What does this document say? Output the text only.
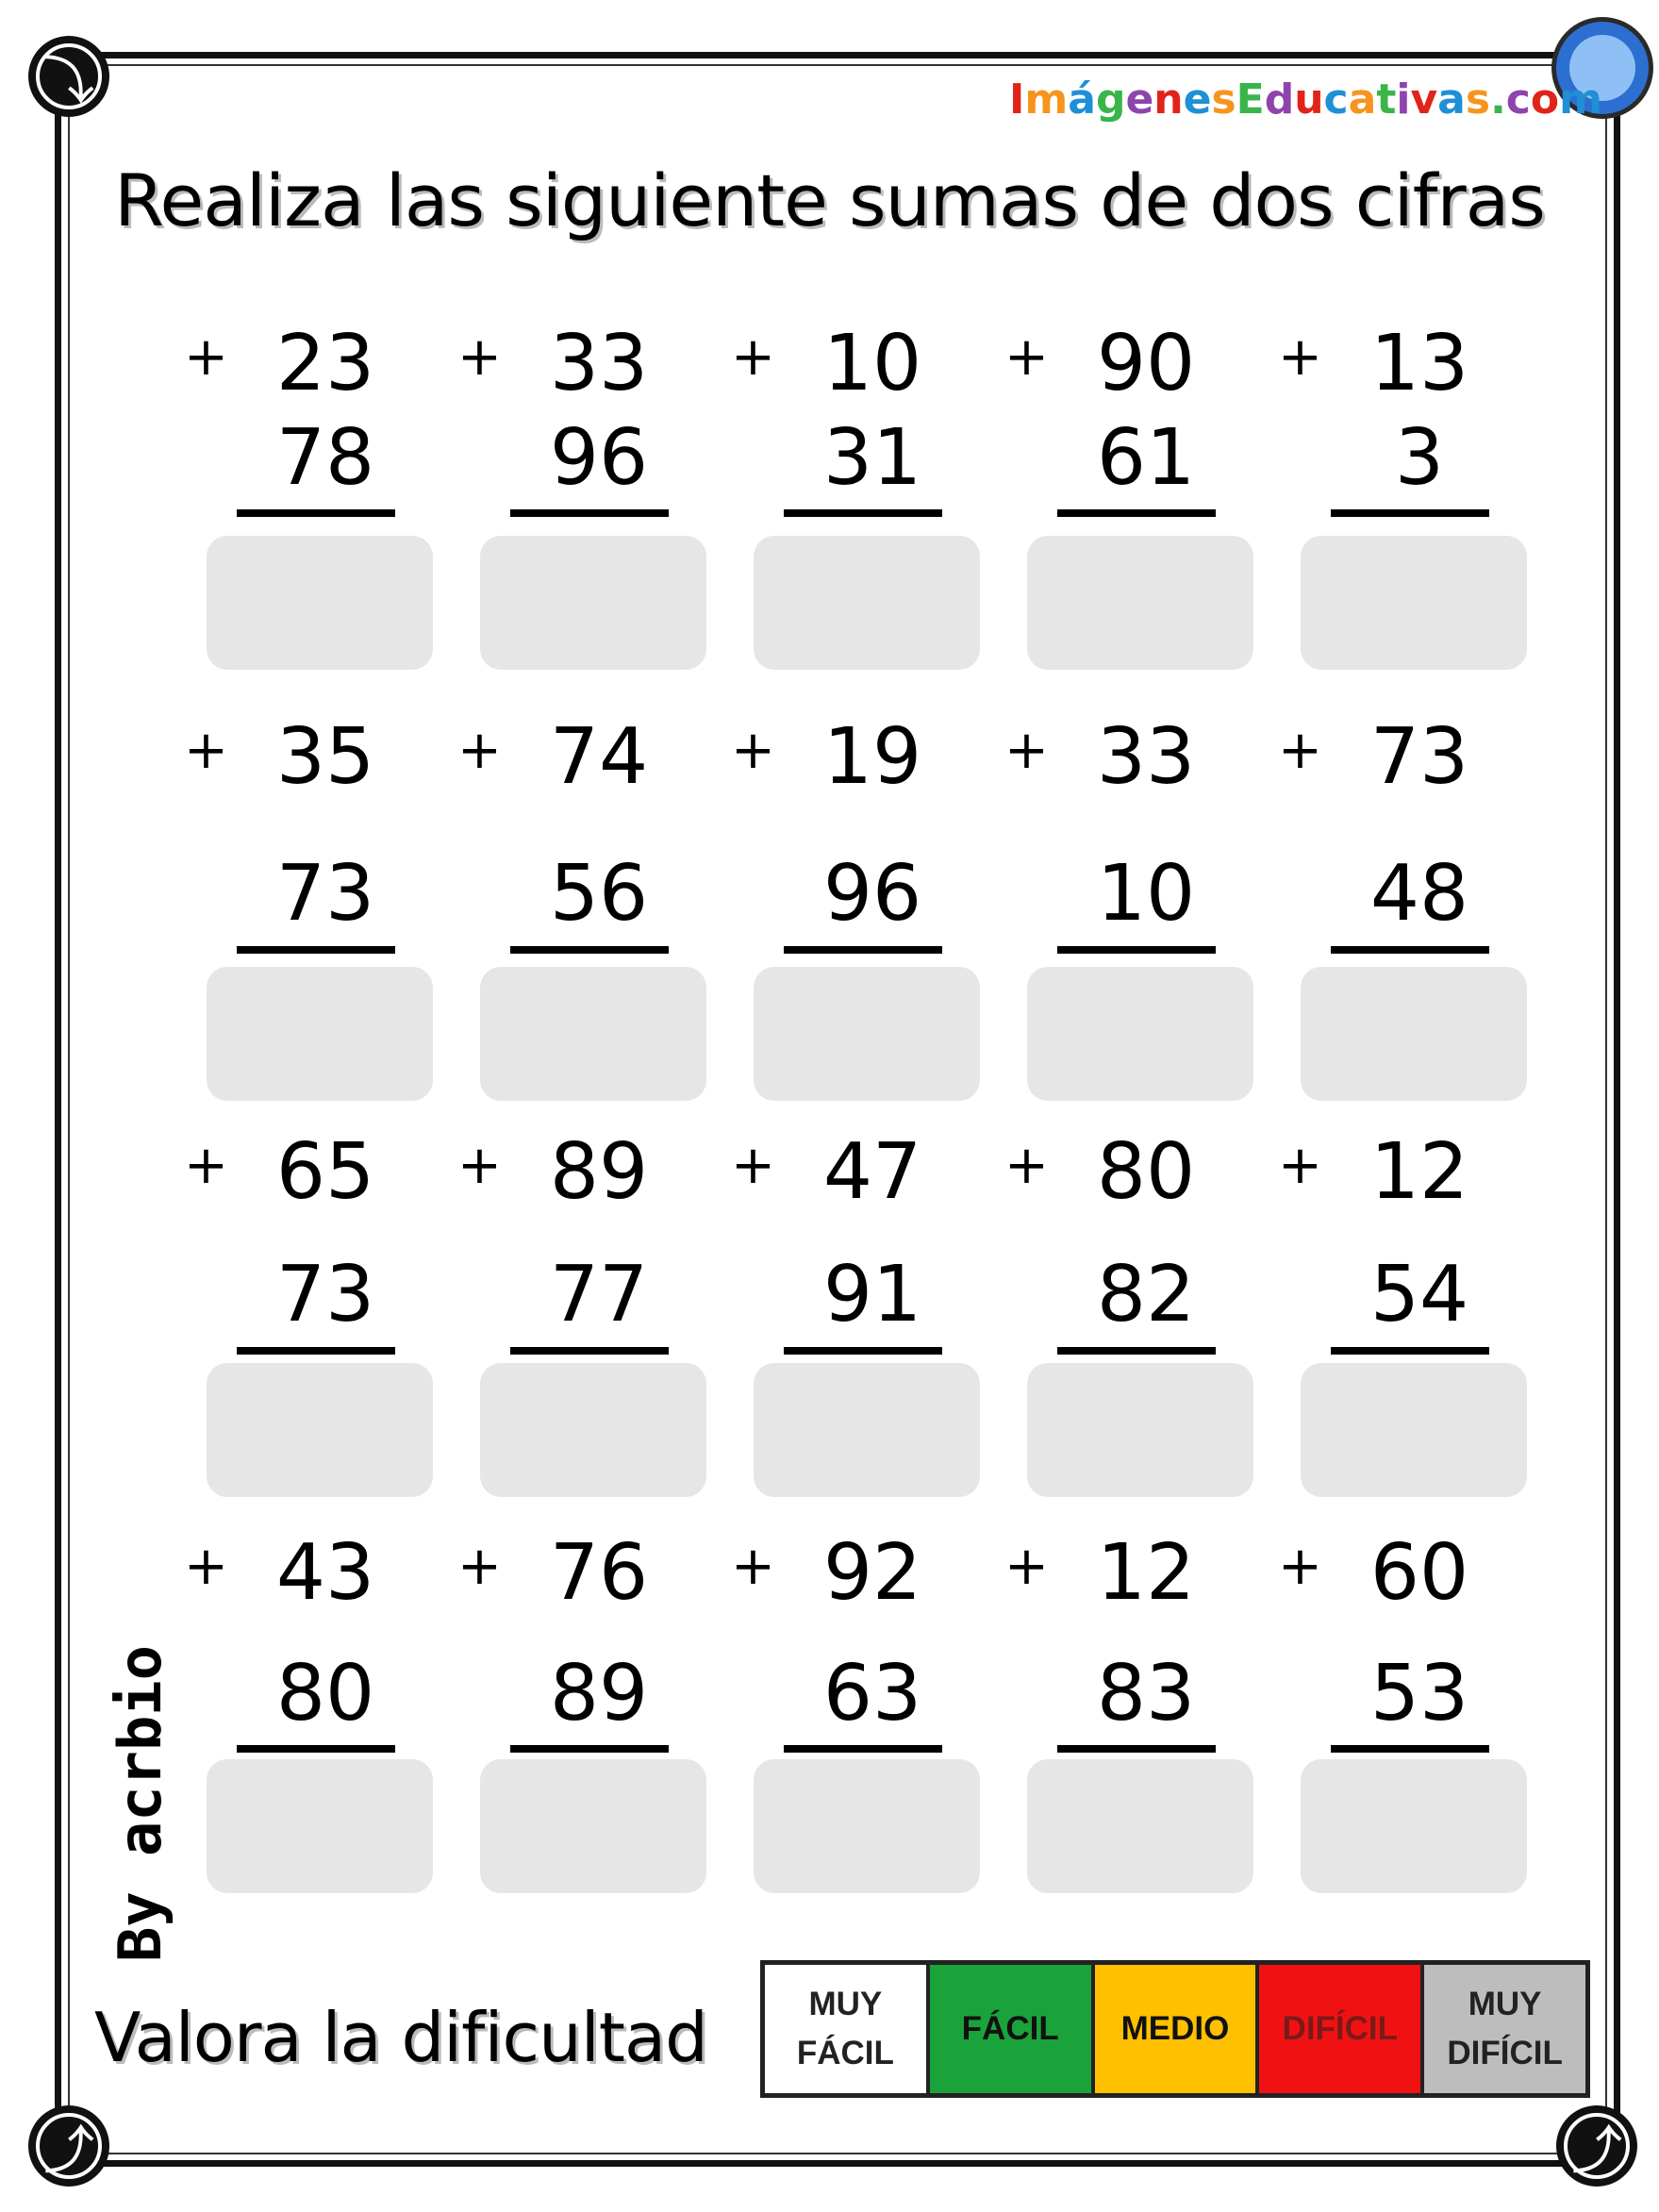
⤵
⤴	⤴
ImágenesEducativas.com
Realiza las siguiente sumas de dos cifras
+ 23
78
+ 33
96
+ 10
31
+ 90
61
+ 13
3
+ 35
73
+ 74
56
+ 19
96
+ 33
10
+ 73
48
+ 65
73
+ 89
77
+ 47
91
+ 80
82
+ 12
54
+ 43
80
+ 76
89
+ 92
63
+ 12
83
+ 60
53
By acrbio
Valora la dificultad	MUY
FÁCIL
FÁCIL MEDIO DIFÍCIL
MUY
DIFÍCIL
